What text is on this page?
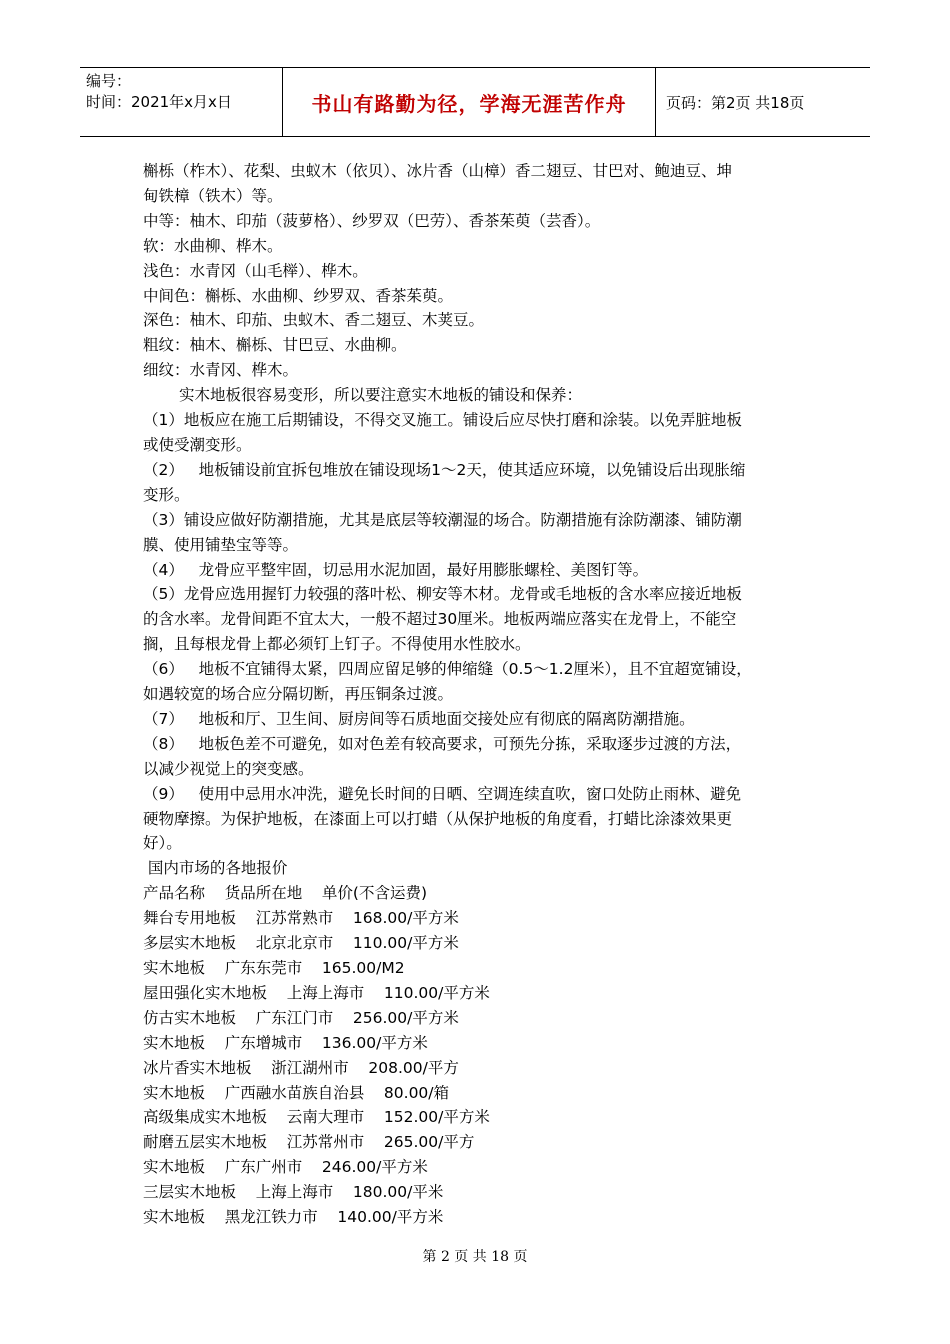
编号：
时间：2021年x月x日	书山有路勤为径，学海无涯苦作舟	页码：第2页 共18页
槲栎（柞木）、花梨、虫蚁木（依贝）、冰片香（山樟）香二翅豆、甘巴对、鲍迪豆、坤
甸铁樟（铁木）等。
中等：柚木、印茄（菠萝格）、纱罗双（巴劳）、香茶茱萸（芸香）。
软：水曲柳、桦木。
浅色：水青冈（山毛榉）、桦木。
中间色：槲栎、水曲柳、纱罗双、香茶茱萸。
深色：柚木、印茄、虫蚁木、香二翅豆、木荚豆。
粗纹：柚木、槲栎、甘巴豆、水曲柳。
细纹：水青冈、桦木。
实木地板很容易变形，所以要注意实木地板的铺设和保养：
（1）地板应在施工后期铺设，不得交叉施工。铺设后应尽快打磨和涂装。以免弄脏地板
或使受潮变形。
（2）   地板铺设前宜拆包堆放在铺设现场1～2天，使其适应环境，以免铺设后出现胀缩
变形。
（3）铺设应做好防潮措施，尤其是底层等较潮湿的场合。防潮措施有涂防潮漆、铺防潮
膜、使用铺垫宝等等。
（4）   龙骨应平整牢固，切忌用水泥加固，最好用膨胀螺栓、美图钉等。
（5）龙骨应选用握钉力较强的落叶松、柳安等木材。龙骨或毛地板的含水率应接近地板
的含水率。龙骨间距不宜太大，一般不超过30厘米。地板两端应落实在龙骨上，不能空
搁，且每根龙骨上都必须钉上钉子。不得使用水性胶水。
（6）   地板不宜铺得太紧，四周应留足够的伸缩缝（0.5～1.2厘米），且不宜超宽铺设，
如遇较宽的场合应分隔切断，再压铜条过渡。
（7）   地板和厅、卫生间、厨房间等石质地面交接处应有彻底的隔离防潮措施。
（8）   地板色差不可避免，如对色差有较高要求，可预先分拣，采取逐步过渡的方法，
以减少视觉上的突变感。
（9）   使用中忌用水冲洗，避免长时间的日晒、空调连续直吹，窗口处防止雨林、避免
硬物摩擦。为保护地板，在漆面上可以打蜡（从保护地板的角度看，打蜡比涂漆效果更
好）。
国内市场的各地报价
产品名称    货品所在地    单价(不含运费)
舞台专用地板    江苏常熟市    168.00/平方米
多层实木地板    北京北京市    110.00/平方米
实木地板    广东东莞市    165.00/M2
屋田强化实木地板    上海上海市    110.00/平方米
仿古实木地板    广东江门市    256.00/平方米
实木地板    广东增城市    136.00/平方米
冰片香实木地板    浙江湖州市    208.00/平方
实木地板    广西融水苗族自治县    80.00/箱
高级集成实木地板    云南大理市    152.00/平方米
耐磨五层实木地板    江苏常州市    265.00/平方
实木地板    广东广州市    246.00/平方米
三层实木地板    上海上海市    180.00/平米
实木地板    黑龙江铁力市    140.00/平方米
第 2 页 共 18 页
